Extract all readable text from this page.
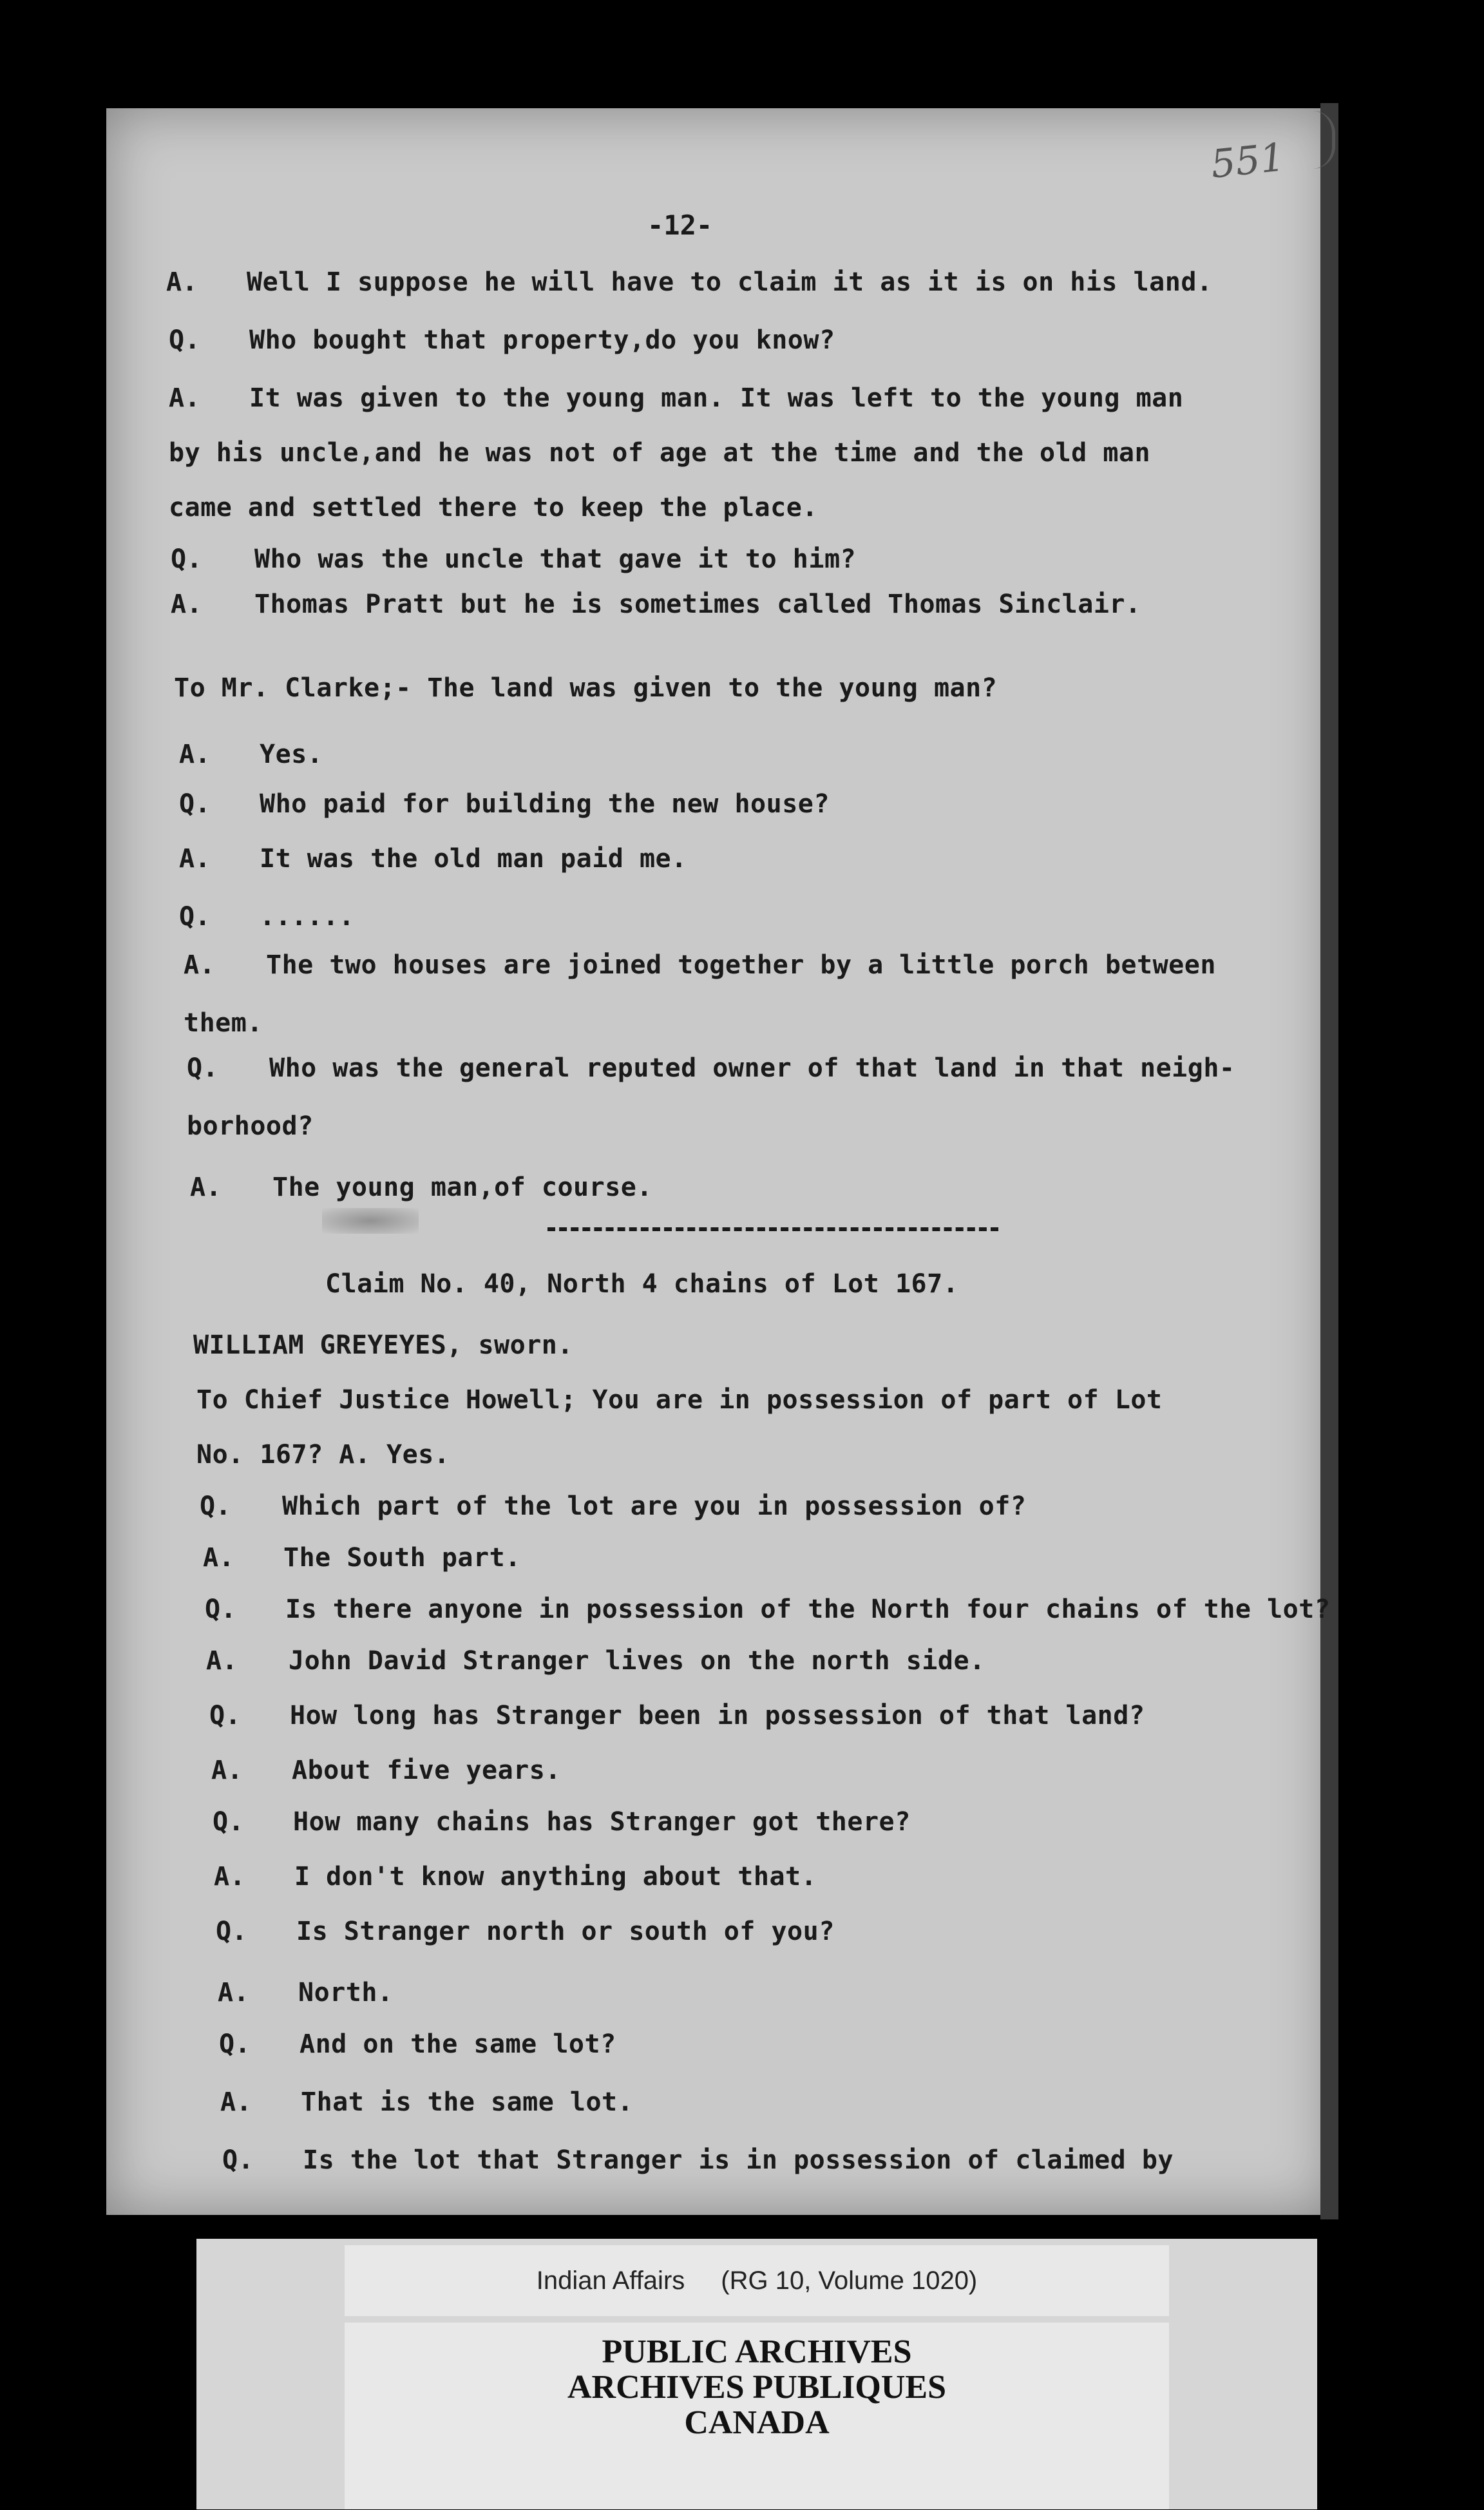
551
-12-
Well I suppose he will have to claim it as it is on his land.
Who bought that property,do you know?
It was given to the young man. It was left to the young man
by his uncle,and he was not of age at the time and the old man
came and settled there to keep the place.
Who was the uncle that gave it to him?
Thomas Pratt but he is sometimes called Thomas Sinclair.
To Mr. Clarke;- The land was given to the young man?
Yes.
Who paid for building the new house?
It was the old man paid me.
......
The two houses are joined together by a little porch between
them.
Who was the general reputed owner of that land in that neigh-
borhood?
The young man,of course.
Claim No. 40, North 4 chains of Lot 167.
WILLIAM GREYEYES, sworn.
To Chief Justice Howell; You are in possession of part of Lot
No. 167? A. Yes.
Which part of the lot are you in possession of?
The South part.
Is there anyone in possession of the North four chains of the lot?
John David Stranger lives on the north side.
How long has Stranger been in possession of that land?
About five years.
How many chains has Stranger got there?
I don't know anything about that.
Is Stranger north or south of you?
North.
And on the same lot?
That is the same lot.
Is the lot that Stranger is in possession of claimed by
Indian Affairs (RG 10, Volume 1020)
PUBLIC ARCHIVES
ARCHIVES PUBLIQUES
CANADA
